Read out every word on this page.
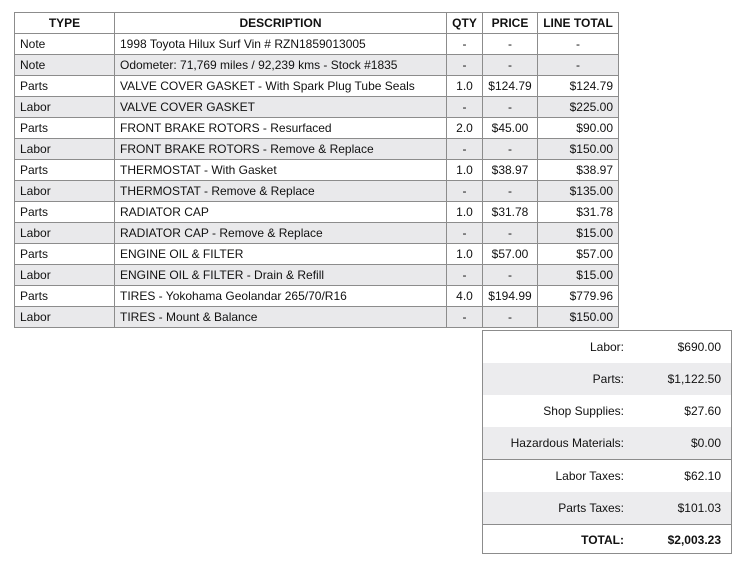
TYPE	DESCRIPTION	QTY	PRICE	LINE TOTAL
Note	1998 Toyota Hilux Surf Vin # RZN1859013005	-	-	-
Note	Odometer: 71,769 miles / 92,239 kms - Stock #1835	-	-	-
Parts	VALVE COVER GASKET - With Spark Plug Tube Seals	1.0	$124.79	$124.79
Labor	VALVE COVER GASKET	-	-	$225.00
Parts	FRONT BRAKE ROTORS - Resurfaced	2.0	$45.00	$90.00
Labor	FRONT BRAKE ROTORS - Remove & Replace	-	-	$150.00
Parts	THERMOSTAT - With Gasket	1.0	$38.97	$38.97
Labor	THERMOSTAT - Remove & Replace	-	-	$135.00
Parts	RADIATOR CAP	1.0	$31.78	$31.78
Labor	RADIATOR CAP - Remove & Replace	-	-	$15.00
Parts	ENGINE OIL & FILTER	1.0	$57.00	$57.00
Labor	ENGINE OIL & FILTER - Drain & Refill	-	-	$15.00
Parts	TIRES - Yokohama Geolandar 265/70/R16	4.0	$194.99	$779.96
Labor	TIRES - Mount & Balance	-	-	$150.00
Labor:	$690.00
Parts:	$1,122.50
Shop Supplies:	$27.60
Hazardous Materials:	$0.00
Labor Taxes:	$62.10
Parts Taxes:	$101.03
TOTAL:	$2,003.23
